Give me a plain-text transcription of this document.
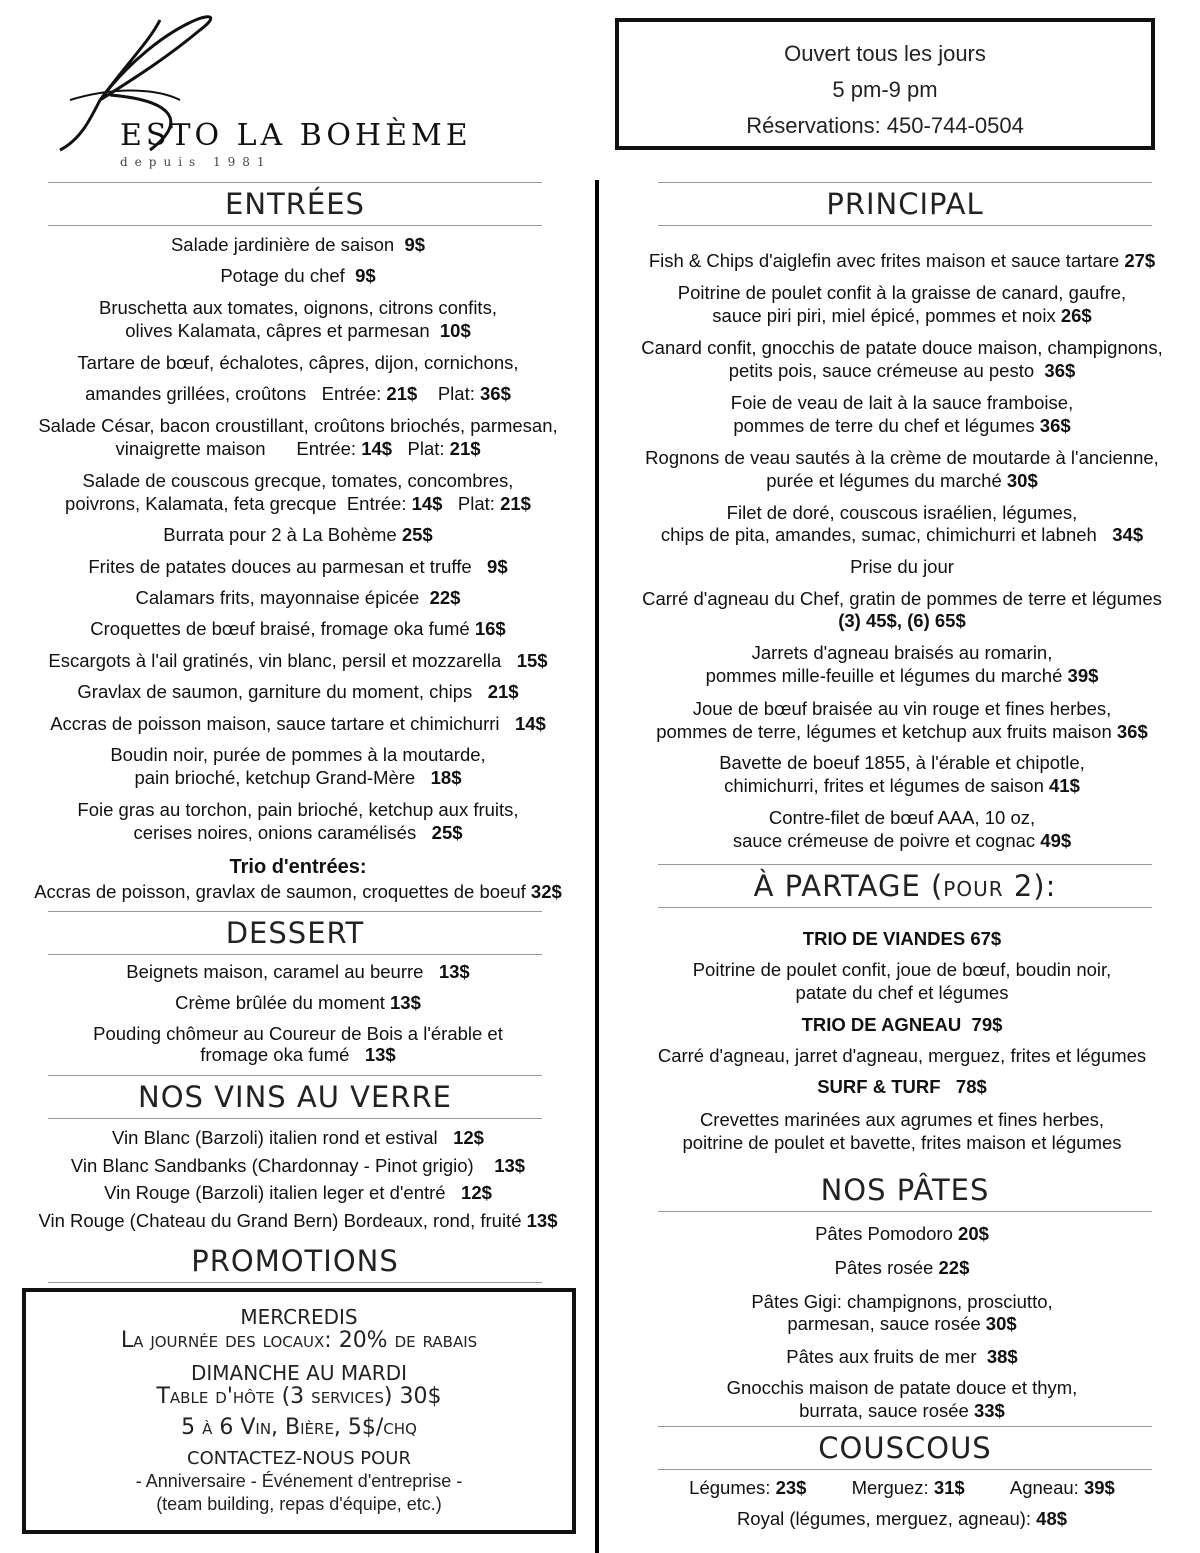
ESTO LA BOHÈME
depuis 1981
Ouvert tous les jours
5 pm-9 pm
Réservations: 450-744-0504
ENTRÉES
Salade jardinière de saison  9$
Potage du chef  9$
Bruschetta aux tomates, oignons, citrons confits,
olives Kalamata, câpres et parmesan  10$
Tartare de bœuf, échalotes, câpres, dijon, cornichons,
amandes grillées, croûtons   Entrée: 21$    Plat: 36$
Salade César, bacon croustillant, croûtons briochés, parmesan,
vinaigrette maison      Entrée: 14$   Plat: 21$
Salade de couscous grecque, tomates, concombres,
poivrons, Kalamata, feta grecque  Entrée: 14$   Plat: 21$
Burrata pour 2 à La Bohème 25$
Frites de patates douces au parmesan et truffe   9$
Calamars frits, mayonnaise épicée  22$
Croquettes de bœuf braisé, fromage oka fumé 16$
Escargots à l'ail gratinés, vin blanc, persil et mozzarella   15$
Gravlax de saumon, garniture du moment, chips   21$
Accras de poisson maison, sauce tartare et chimichurri   14$
Boudin noir, purée de pommes à la moutarde,
pain brioché, ketchup Grand-Mère   18$
Foie gras au torchon, pain brioché, ketchup aux fruits,
cerises noires, onions caramélisés   25$
Trio d'entrées:
Accras de poisson, gravlax de saumon, croquettes de boeuf 32$
DESSERT
Beignets maison, caramel au beurre   13$
Crème brûlée du moment 13$
Pouding chômeur au Coureur de Bois a l'érable et
fromage oka fumé   13$
NOS VINS AU VERRE
Vin Blanc (Barzoli) italien rond et estival   12$
Vin Blanc Sandbanks (Chardonnay - Pinot grigio)    13$
Vin Rouge (Barzoli) italien leger et d'entré   12$
Vin Rouge (Chateau du Grand Bern) Bordeaux, rond, fruité 13$
PROMOTIONS
MERCREDIS
La journée des locaux: 20% de rabais
DIMANCHE AU MARDI
Table d'hôte (3 services) 30$
5 à 6 Vin, Bière, 5$/chq
CONTACTEZ-NOUS POUR
- Anniversaire - Événement d'entreprise -
(team building, repas d'équipe, etc.)
PRINCIPAL
Fish & Chips d'aiglefin avec frites maison et sauce tartare 27$
Poitrine de poulet confit à la graisse de canard, gaufre,
sauce piri piri, miel épicé, pommes et noix 26$
Canard confit, gnocchis de patate douce maison, champignons,
petits pois, sauce crémeuse au pesto  36$
Foie de veau de lait à la sauce framboise,
pommes de terre du chef et légumes 36$
Rognons de veau sautés à la crème de moutarde à l'ancienne,
purée et légumes du marché 30$
Filet de doré, couscous israélien, légumes,
chips de pita, amandes, sumac, chimichurri et labneh   34$
Prise du jour
Carré d'agneau du Chef, gratin de pommes de terre et légumes
(3) 45$, (6) 65$
Jarrets d'agneau braisés au romarin,
pommes mille-feuille et légumes du marché 39$
Joue de bœuf braisée au vin rouge et fines herbes,
pommes de terre, légumes et ketchup aux fruits maison 36$
Bavette de boeuf 1855, à l'érable et chipotle,
chimichurri, frites et légumes de saison 41$
Contre-filet de bœuf AAA, 10 oz,
sauce crémeuse de poivre et cognac 49$
À PARTAGE (pour 2):
TRIO DE VIANDES 67$
Poitrine de poulet confit, joue de bœuf, boudin noir,
patate du chef et légumes
TRIO DE AGNEAU  79$
Carré d'agneau, jarret d'agneau, merguez, frites et légumes
SURF & TURF   78$
Crevettes marinées aux agrumes et fines herbes,
poitrine de poulet et bavette, frites maison et légumes
NOS PÂTES
Pâtes Pomodoro 20$
Pâtes rosée 22$
Pâtes Gigi: champignons, prosciutto,
parmesan, sauce rosée 30$
Pâtes aux fruits de mer  38$
Gnocchis maison de patate douce et thym,
burrata, sauce rosée 33$
COUSCOUS
Légumes: 23$ Merguez: 31$ Agneau: 39$
Royal (légumes, merguez, agneau): 48$
